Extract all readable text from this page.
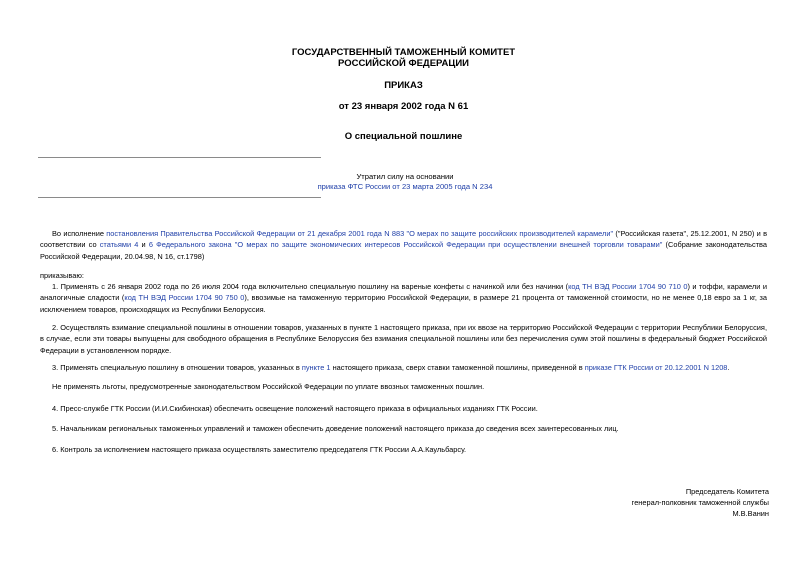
ГОСУДАРСТВЕННЫЙ ТАМОЖЕННЫЙ КОМИТЕТ
РОССИЙСКОЙ ФЕДЕРАЦИИ
ПРИКАЗ
от 23 января 2002 года N 61
О специальной пошлине
Утратил силу на основании
приказа ФТС России от 23 марта 2005 года N 234
Во исполнение постановления Правительства Российской Федерации от 21 декабря 2001 года N 883 "О мерах по защите российских производителей карамели" ("Российская газета", 25.12.2001, N 250) и в соответствии со статьями 4 и 6 Федерального закона "О мерах по защите экономических интересов Российской Федерации при осуществлении внешней торговли товарами" (Собрание законодательства Российской Федерации, 20.04.98, N 16, ст.1798)
приказываю:
1. Применять с 26 января 2002 года по 26 июля 2004 года включительно специальную пошлину на вареные конфеты с начинкой или без начинки (код ТН ВЭД России 1704 90 710 0) и тоффи, карамели и аналогичные сладости (код ТН ВЭД России 1704 90 750 0), ввозимые на таможенную территорию Российской Федерации, в размере 21 процента от таможенной стоимости, но не менее 0,18 евро за 1 кг, за исключением товаров, происходящих из Республики Белоруссия.
2. Осуществлять взимание специальной пошлины в отношении товаров, указанных в пункте 1 настоящего приказа, при их ввозе на территорию Российской Федерации с территории Республики Белоруссия, в случае, если эти товары выпущены для свободного обращения в Республике Белоруссия без взимания специальной пошлины или без перечисления сумм этой пошлины в федеральный бюджет Российской Федерации в установленном порядке.
3. Применять специальную пошлину в отношении товаров, указанных в пункте 1 настоящего приказа, сверх ставки таможенной пошлины, приведенной в приказе ГТК России от 20.12.2001 N 1208.
Не применять льготы, предусмотренные законодательством Российской Федерации по уплате ввозных таможенных пошлин.
4. Пресс-службе ГТК России (И.И.Скибинская) обеспечить освещение положений настоящего приказа в официальных изданиях ГТК России.
5. Начальникам региональных таможенных управлений и таможен обеспечить доведение положений настоящего приказа до сведения всех заинтересованных лиц.
6. Контроль за исполнением настоящего приказа осуществлять заместителю председателя ГТК России А.А.Каульбарсу.
Председатель Комитета
генерал-полковник таможенной службы
М.В.Ванин
